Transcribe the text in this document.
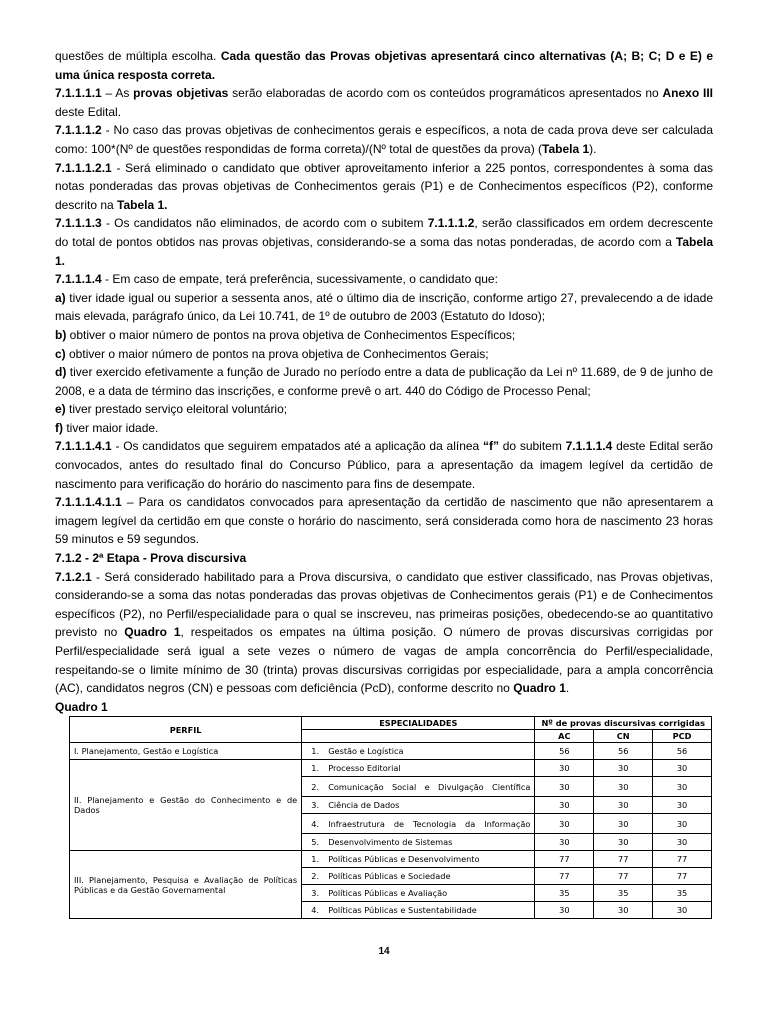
questões de múltipla escolha. Cada questão das Provas objetivas apresentará cinco alternativas (A; B; C; D e E) e uma única resposta correta.

7.1.1.1.1 – As provas objetivas serão elaboradas de acordo com os conteúdos programáticos apresentados no Anexo III deste Edital.

7.1.1.1.2 - No caso das provas objetivas de conhecimentos gerais e específicos, a nota de cada prova deve ser calculada como: 100*(Nº de questões respondidas de forma correta)/(Nº total de questões da prova) (Tabela 1).

7.1.1.1.2.1 - Será eliminado o candidato que obtiver aproveitamento inferior a 225 pontos, correspondentes à soma das notas ponderadas das provas objetivas de Conhecimentos gerais (P1) e de Conhecimentos específicos (P2), conforme descrito na Tabela 1.

7.1.1.1.3 - Os candidatos não eliminados, de acordo com o subitem 7.1.1.1.2, serão classificados em ordem decrescente do total de pontos obtidos nas provas objetivas, considerando-se a soma das notas ponderadas, de acordo com a Tabela 1.

7.1.1.1.4 - Em caso de empate, terá preferência, sucessivamente, o candidato que:

a) tiver idade igual ou superior a sessenta anos, até o último dia de inscrição, conforme artigo 27, prevalecendo a de idade mais elevada, parágrafo único, da Lei 10.741, de 1º de outubro de 2003 (Estatuto do Idoso);

b) obtiver o maior número de pontos na prova objetiva de Conhecimentos Específicos;

c) obtiver o maior número de pontos na prova objetiva de Conhecimentos Gerais;

d) tiver exercido efetivamente a função de Jurado no período entre a data de publicação da Lei nº 11.689, de 9 de junho de 2008, e a data de término das inscrições, e conforme prevê o art. 440 do Código de Processo Penal;

e) tiver prestado serviço eleitoral voluntário;

f) tiver maior idade.

7.1.1.1.4.1 - Os candidatos que seguirem empatados até a aplicação da alínea “f” do subitem 7.1.1.1.4 deste Edital serão convocados, antes do resultado final do Concurso Público, para a apresentação da imagem legível da certidão de nascimento para verificação do horário do nascimento para fins de desempate.

7.1.1.1.4.1.1 – Para os candidatos convocados para apresentação da certidão de nascimento que não apresentarem a imagem legível da certidão em que conste o horário do nascimento, será considerada como hora de nascimento 23 horas 59 minutos e 59 segundos.

7.1.2 - 2ª Etapa - Prova discursiva

7.1.2.1 - Será considerado habilitado para a Prova discursiva, o candidato que estiver classificado, nas Provas objetivas, considerando-se a soma das notas ponderadas das provas objetivas de Conhecimentos gerais (P1) e de Conhecimentos específicos (P2), no Perfil/especialidade para o qual se inscreveu, nas primeiras posições, obedecendo-se ao quantitativo previsto no Quadro 1, respeitados os empates na última posição. O número de provas discursivas corrigidas por Perfil/especialidade será igual a sete vezes o número de vagas de ampla concorrência do Perfil/especialidade, respeitando-se o limite mínimo de 30 (trinta) provas discursivas corrigidas por especialidade, para a ampla concorrência (AC), candidatos negros (CN) e pessoas com deficiência (PcD), conforme descrito no Quadro 1.

Quadro 1

PERFIL	ESPECIALIDADES	Nº de provas discursivas corrigidas		
		AC	CN	PCD
I. Planejamento, Gestão e Logística	1. Gestão e Logística	56	56	56
II. Planejamento e Gestão do Conhecimento e de Dados	1. Processo Editorial	30	30	30

	2. Comunicação Social e Divulgação Científica	30	30	30

	3. Ciência de Dados	30	30	30

	4. Infraestrutura de Tecnologia da Informação	30	30	30

	5. Desenvolvimento de Sistemas	30	30	30
III. Planejamento, Pesquisa e Avaliação de Políticas Públicas e da Gestão Governamental	1. Políticas Públicas e Desenvolvimento	77	77	77

	2. Políticas Públicas e Sociedade	77	77	77

	3. Políticas Públicas e Avaliação	35	35	35

	4. Políticas Públicas e Sustentabilidade	30	30	30
14
